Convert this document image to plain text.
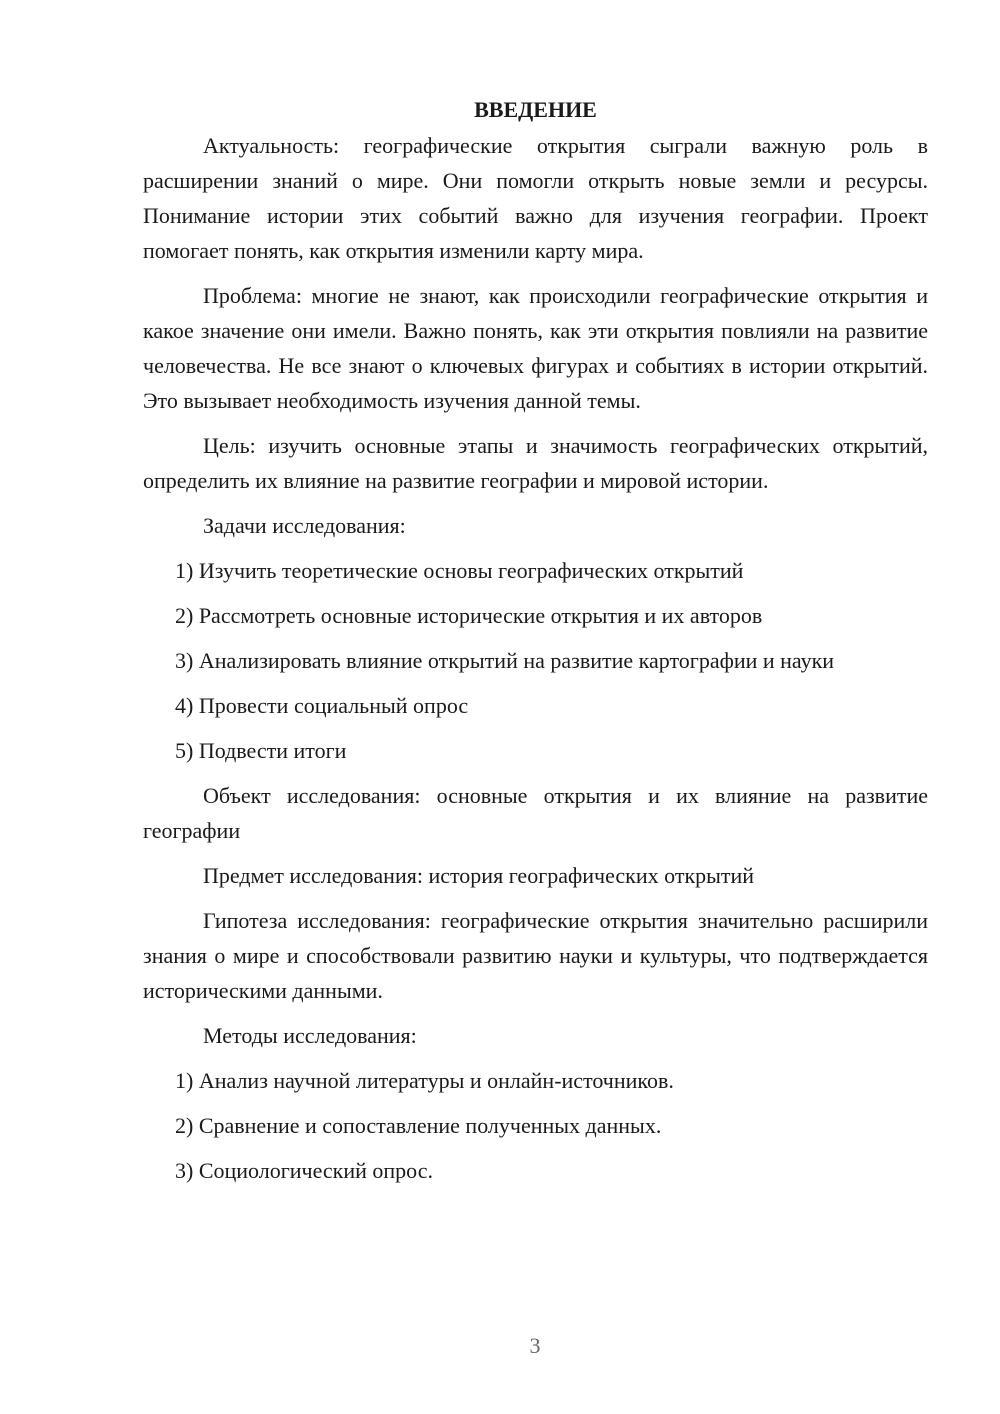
ВВЕДЕНИЕ

Актуальность: географические открытия сыграли важную роль в расширении знаний о мире. Они помогли открыть новые земли и ресурсы. Понимание истории этих событий важно для изучения географии. Проект помогает понять, как открытия изменили карту мира.

Проблема: многие не знают, как происходили географические открытия и какое значение они имели. Важно понять, как эти открытия повлияли на развитие человечества. Не все знают о ключевых фигурах и событиях в истории открытий. Это вызывает необходимость изучения данной темы.

Цель: изучить основные этапы и значимость географических открытий, определить их влияние на развитие географии и мировой истории.

Задачи исследования:
1) Изучить теоретические основы географических открытий
2) Рассмотреть основные исторические открытия и их авторов
3) Анализировать влияние открытий на развитие картографии и науки
4) Провести социальный опрос
5) Подвести итоги

Объект исследования: основные открытия и их влияние на развитие географии

Предмет исследования: история географических открытий

Гипотеза исследования: географические открытия значительно расширили знания о мире и способствовали развитию науки и культуры, что подтверждается историческими данными.

Методы исследования:
1) Анализ научной литературы и онлайн-источников.
2) Сравнение и сопоставление полученных данных.
3) Социологический опрос.
3
